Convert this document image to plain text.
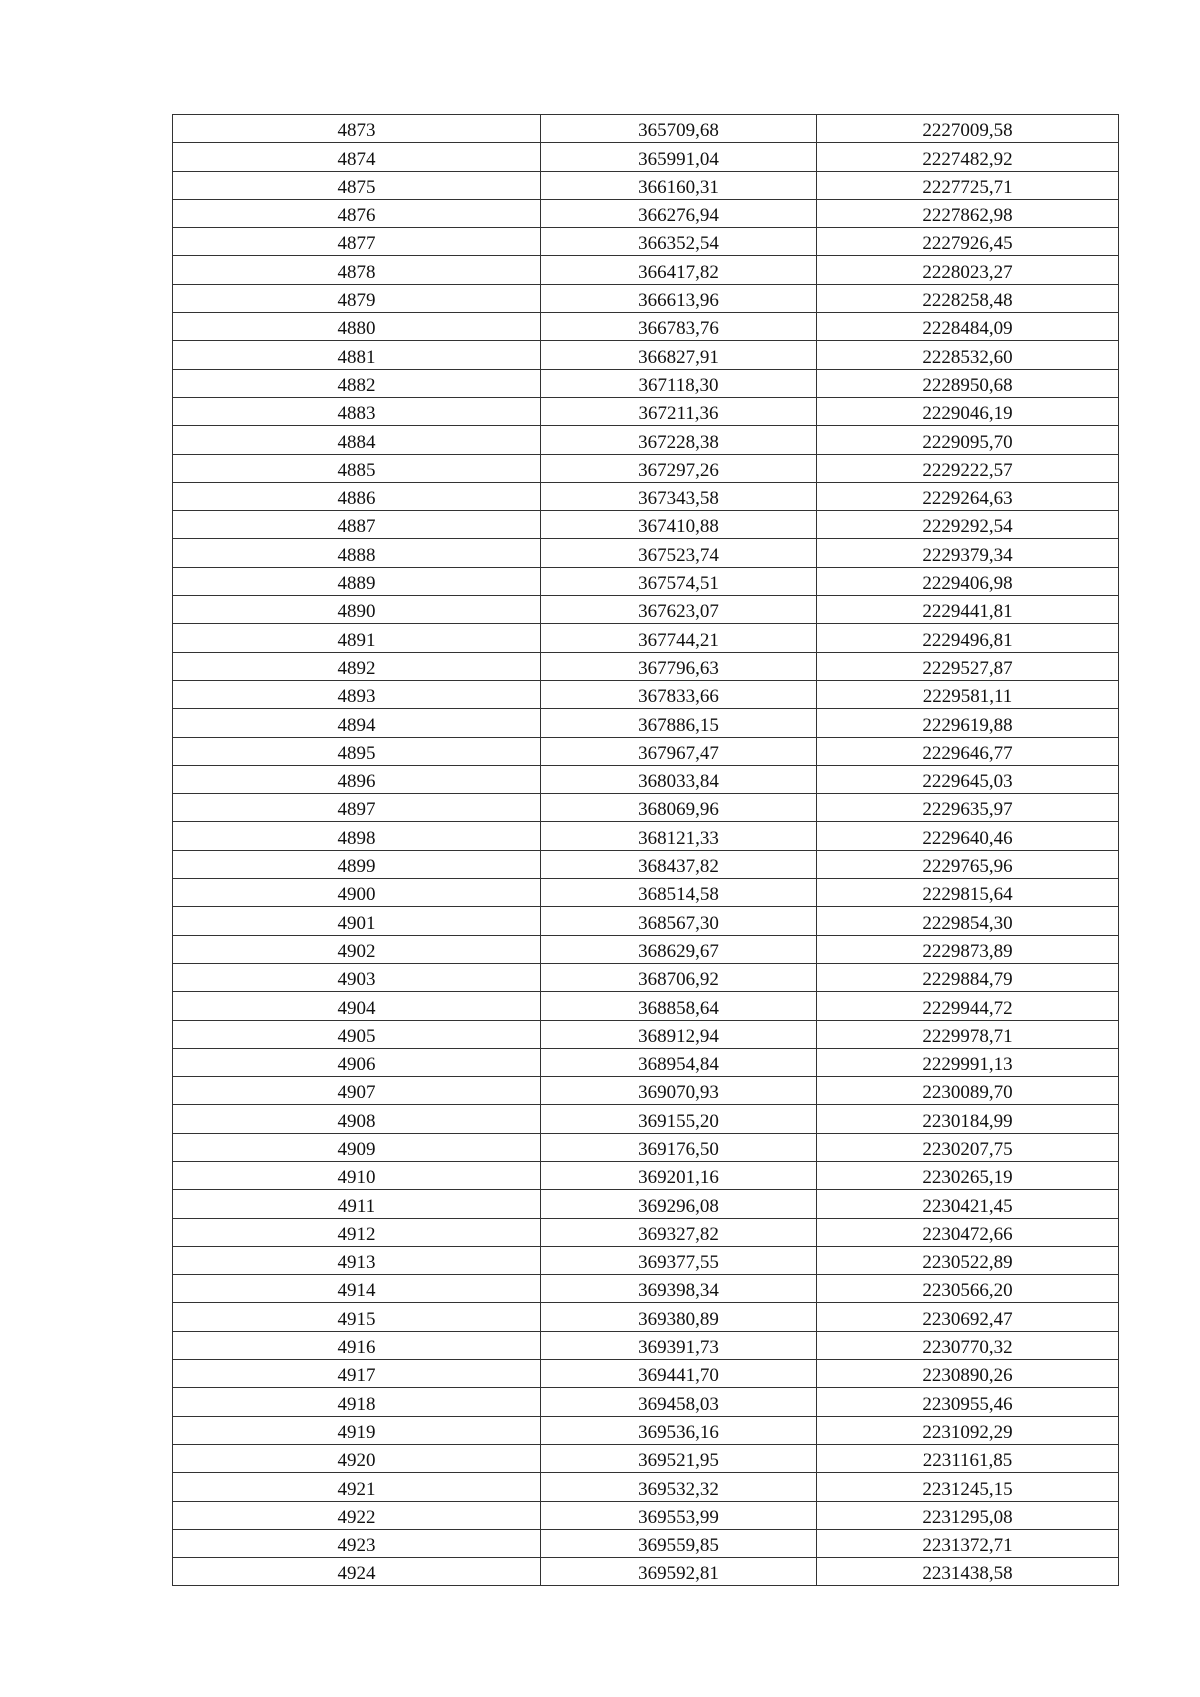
4873	365709,68	2227009,58
4874	365991,04	2227482,92
4875	366160,31	2227725,71
4876	366276,94	2227862,98
4877	366352,54	2227926,45
4878	366417,82	2228023,27
4879	366613,96	2228258,48
4880	366783,76	2228484,09
4881	366827,91	2228532,60
4882	367118,30	2228950,68
4883	367211,36	2229046,19
4884	367228,38	2229095,70
4885	367297,26	2229222,57
4886	367343,58	2229264,63
4887	367410,88	2229292,54
4888	367523,74	2229379,34
4889	367574,51	2229406,98
4890	367623,07	2229441,81
4891	367744,21	2229496,81
4892	367796,63	2229527,87
4893	367833,66	2229581,11
4894	367886,15	2229619,88
4895	367967,47	2229646,77
4896	368033,84	2229645,03
4897	368069,96	2229635,97
4898	368121,33	2229640,46
4899	368437,82	2229765,96
4900	368514,58	2229815,64
4901	368567,30	2229854,30
4902	368629,67	2229873,89
4903	368706,92	2229884,79
4904	368858,64	2229944,72
4905	368912,94	2229978,71
4906	368954,84	2229991,13
4907	369070,93	2230089,70
4908	369155,20	2230184,99
4909	369176,50	2230207,75
4910	369201,16	2230265,19
4911	369296,08	2230421,45
4912	369327,82	2230472,66
4913	369377,55	2230522,89
4914	369398,34	2230566,20
4915	369380,89	2230692,47
4916	369391,73	2230770,32
4917	369441,70	2230890,26
4918	369458,03	2230955,46
4919	369536,16	2231092,29
4920	369521,95	2231161,85
4921	369532,32	2231245,15
4922	369553,99	2231295,08
4923	369559,85	2231372,71
4924	369592,81	2231438,58
